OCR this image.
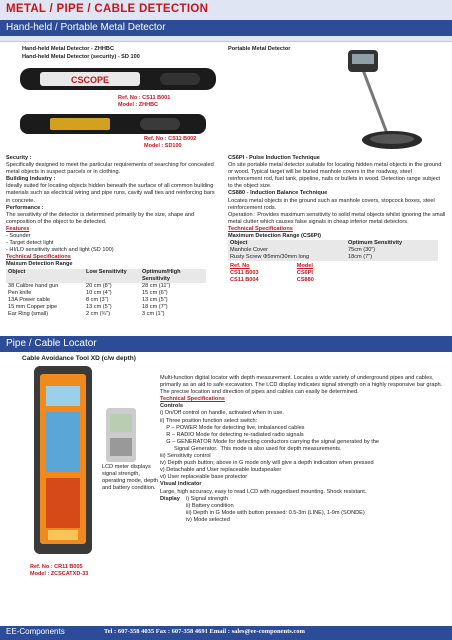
METAL / PIPE / CABLE DETECTION
Hand-held / Portable Metal Detector
Hand-held Metal Detector - ZHHBC
Hand-held Metal Detector (security) - SD 100
Portable Metal Detector
CSCOPE
Ref. No : CS11 B001
Model : ZHHBC
Ref. No : CS11 B002
Model : SD100
Security :
Specifically designed to meet the particular requirements of searching for concealed metal objects in suspect parcels or in clothing.
Building Industry :
Ideally suited for locating objects hidden beneath the surface of all common building materials such as electrical wiring and pipe runs, cavity wall ties and reinforcing bars in concrete.
Performance :
The sensitivity of the detector is determined primarily by the size, shape and composition of the object to be detected.
Features
- Sounder
- Target detect light
- HI/LO sensitivity switch and light (SD 100)
Technical Specifications
Maixum Detection Range
Object	Low Sensitivity	Optimum/High Sensitivity
38 Calibre hand gun	20 cm (8")	28 cm (11")
Pen knife	10 cm (4")	15 cm (6")
13A Power cable	8 cm (3")	13 cm (5")
15 mm Copper pipe	13 cm (5")	18 cm (7")
Ear Ring (small)	2 cm (¾")	3 cm (1")
CS6PI - Pulse Induction Technique
On site portable metal detector suitable for locating hidden metal objects in the ground or wood. Typical target will be buried manhole covers in the roadway, steel reinforcement rod, fuel tank, pipeline, nails or bullets in wood. Detection range subject to the object size.
CS880 - Induction Balance Technique
Locates metal objects in the ground such as manhole covers, stopcock boxes, steel reinforcement rods.
Operation : Provides maximum sensitivity to solid metal objects whilst ignoring the small metal clutter which causes false signals in cheap inferior metal detectors.
Technical Specifications
Maximum Detection Range (CS6PI)
Object	Optimum Sensitivity
Manhole Cover	75cm (30")
Rusty Screw Φ5mm/30mm long	18cm (7")
Ref. No	Model
CS11 B003	CS6PI
CS11 B004	CS880
Pipe / Cable Locator
Cable Avoidance Tool XD (c/w depth)
LCD meter displays signal strength, operating mode, depth and battery condition.
Ref. No : CR11 B005
Model : ZCSCATXD-33
Multi-function digital locator with depth measurement. Locates a wide variety of underground pipes and cables, primarily as an aid to safe excavation. The LCD display indicates signal strength on a highly responsive bar graph. The precise location and direction of pipes and cables can easily be determined.
Technical Specifications
Controls
i) On/Off control on handle, activated when in use.
ii) Three position function select switch:
P – POWER Mode for detecting live, imbalanced cables
R – RADIO Mode for detecting re-radiated radio signals
G – GENERATOR Mode for detecting conductors carrying the signal generated by the
Signal Generator.  This mode is also used for depth measurements.
iii) Sensitivity control
iv) Depth push button; above in G mode only will give a depth indication when pressed
v) Detachable and User replaceable loudspeaker
vi) User replaceable base protector
Visual indicator
Large, high accuracy, easy to read LCD with ruggedised mounting. Shock resistant.
Display	i) Signal strength
ii) Battery condition
iii) Depth in G Mode with button pressed: 0.5-3m (LINE), 1-9m (SONDE)
iv) Mode selected
EE-Components	Tel : 607-358 4035 Fax : 607-358 4691 Email : sales@ee-components.com
